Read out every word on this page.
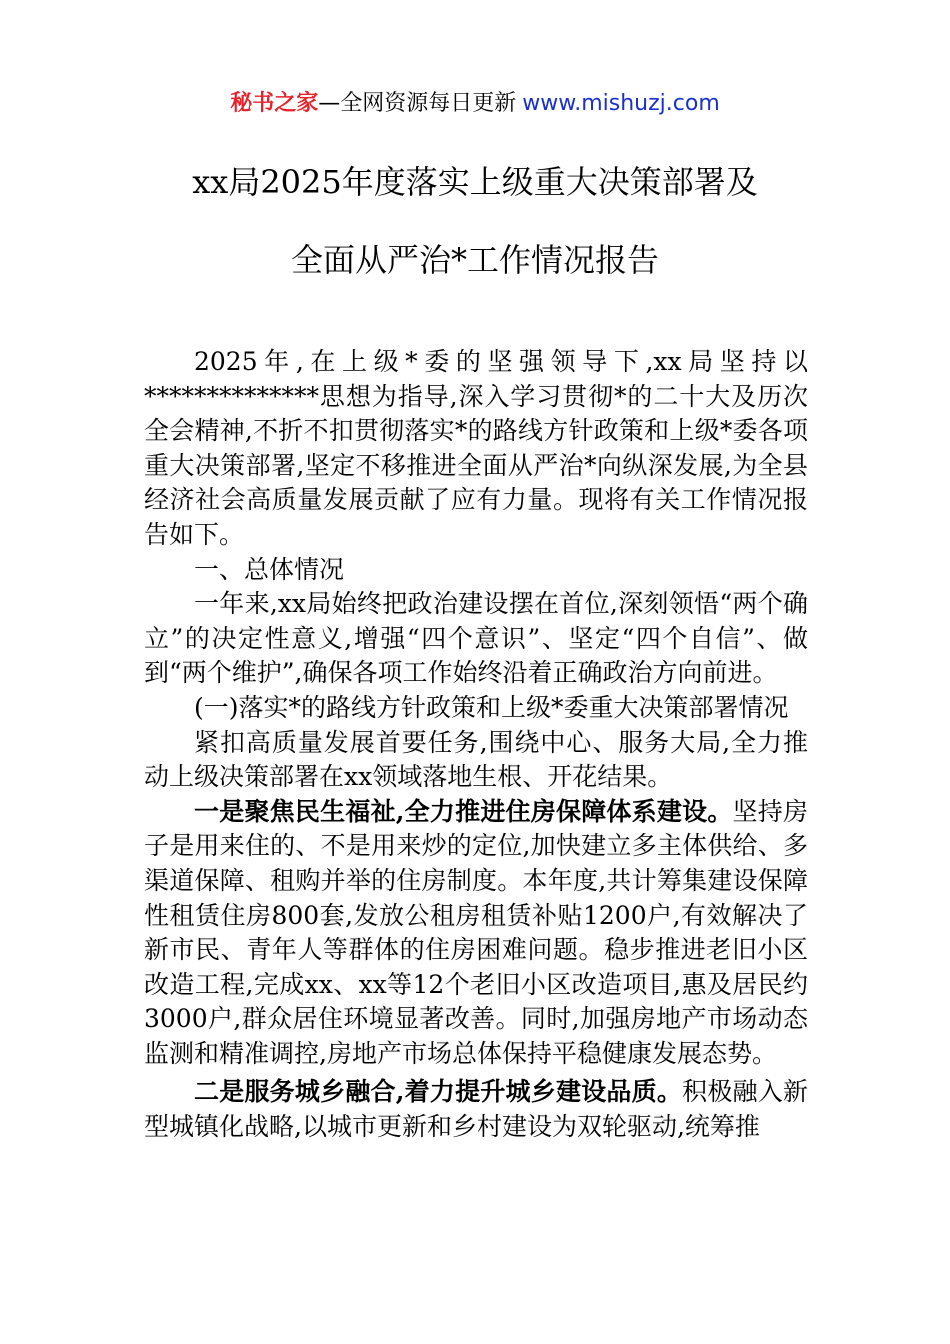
秘书之家—全网资源每日更新 www.mishuzj.com
xx局2025年度落实上级重大决策部署及
全面从严治*工作情况报告

2025年,在上级*委的坚强领导下,xx局坚持以**************思想为指导,深入学习贯彻*的二十大及历次全会精神,不折不扣贯彻落实*的路线方针政策和上级*委各项重大决策部署,坚定不移推进全面从严治*向纵深发展,为全县经济社会高质量发展贡献了应有力量。现将有关工作情况报告如下。

一、总体情况

一年来,xx局始终把政治建设摆在首位,深刻领悟“两个确立”的决定性意义,增强“四个意识”、坚定“四个自信”、做到“两个维护”,确保各项工作始终沿着正确政治方向前进。

(一)落实*的路线方针政策和上级*委重大决策部署情况

紧扣高质量发展首要任务,围绕中心、服务大局,全力推动上级决策部署在xx领域落地生根、开花结果。

一是聚焦民生福祉,全力推进住房保障体系建设。坚持房子是用来住的、不是用来炒的定位,加快建立多主体供给、多渠道保障、租购并举的住房制度。本年度,共计筹集建设保障性租赁住房800套,发放公租房租赁补贴1200户,有效解决了新市民、青年人等群体的住房困难问题。稳步推进老旧小区改造工程,完成xx、xx等12个老旧小区改造项目,惠及居民约3000户,群众居住环境显著改善。同时,加强房地产市场动态监测和精准调控,房地产市场总体保持平稳健康发展态势。

二是服务城乡融合,着力提升城乡建设品质。积极融入新型城镇化战略,以城市更新和乡村建设为双轮驱动,统筹推
